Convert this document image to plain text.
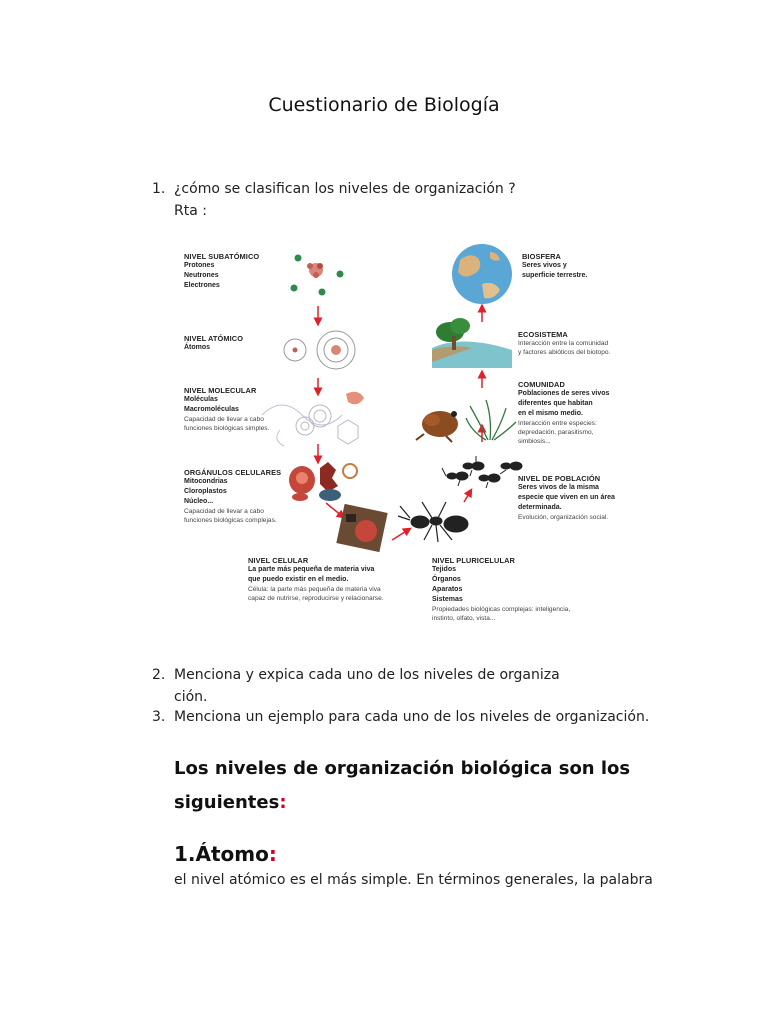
Cuestionario de Biología
1. ¿cómo se clasifican los niveles de organización ?
Rta :
NIVEL SUBATÓMICO
Protones
Neutrones
Electrones
NIVEL ATÓMICO
Átomos
NIVEL MOLECULAR
Moléculas
Macromoléculas
Capacidad de llevar a cabo
funciones biológicas simples.
ORGÁNULOS CELULARES
Mitocondrias
Cloroplastos
Núcleo...
Capacidad de llevar a cabo
funciones biológicas complejas.
NIVEL CELULAR
La parte más pequeña de materia viva
que puedo existir en el medio.
Célula: la parte más pequeña de materia viva
capaz de nutrirse, reproducirse y relacionarse.
NIVEL PLURICELULAR
Tejidos
Órganos
Aparatos
Sistemas
Propiedades biológicas complejas: inteligencia,
instinto, olfato, vista...
NIVEL DE POBLACIÓN
Seres vivos de la misma
especie que viven en un área
determinada.
Evolución, organización social.
COMUNIDAD
Poblaciones de seres vivos
diferentes que habitan
en el mismo medio.
Interacción entre especies:
depredación, parasitismo,
simbiosis...
ECOSISTEMA
Interacción entre la comunidad
y factores abióticos del biotopo.
BIOSFERA
Seres vivos y
superficie terrestre.
2. Menciona y expica cada uno de los niveles de organiza
ción.
3. Menciona un ejemplo para cada uno de los niveles de organización.
Los niveles de organización biológica son los
siguientes:
1.Átomo:
el nivel atómico es el más simple. En términos generales, la palabra
